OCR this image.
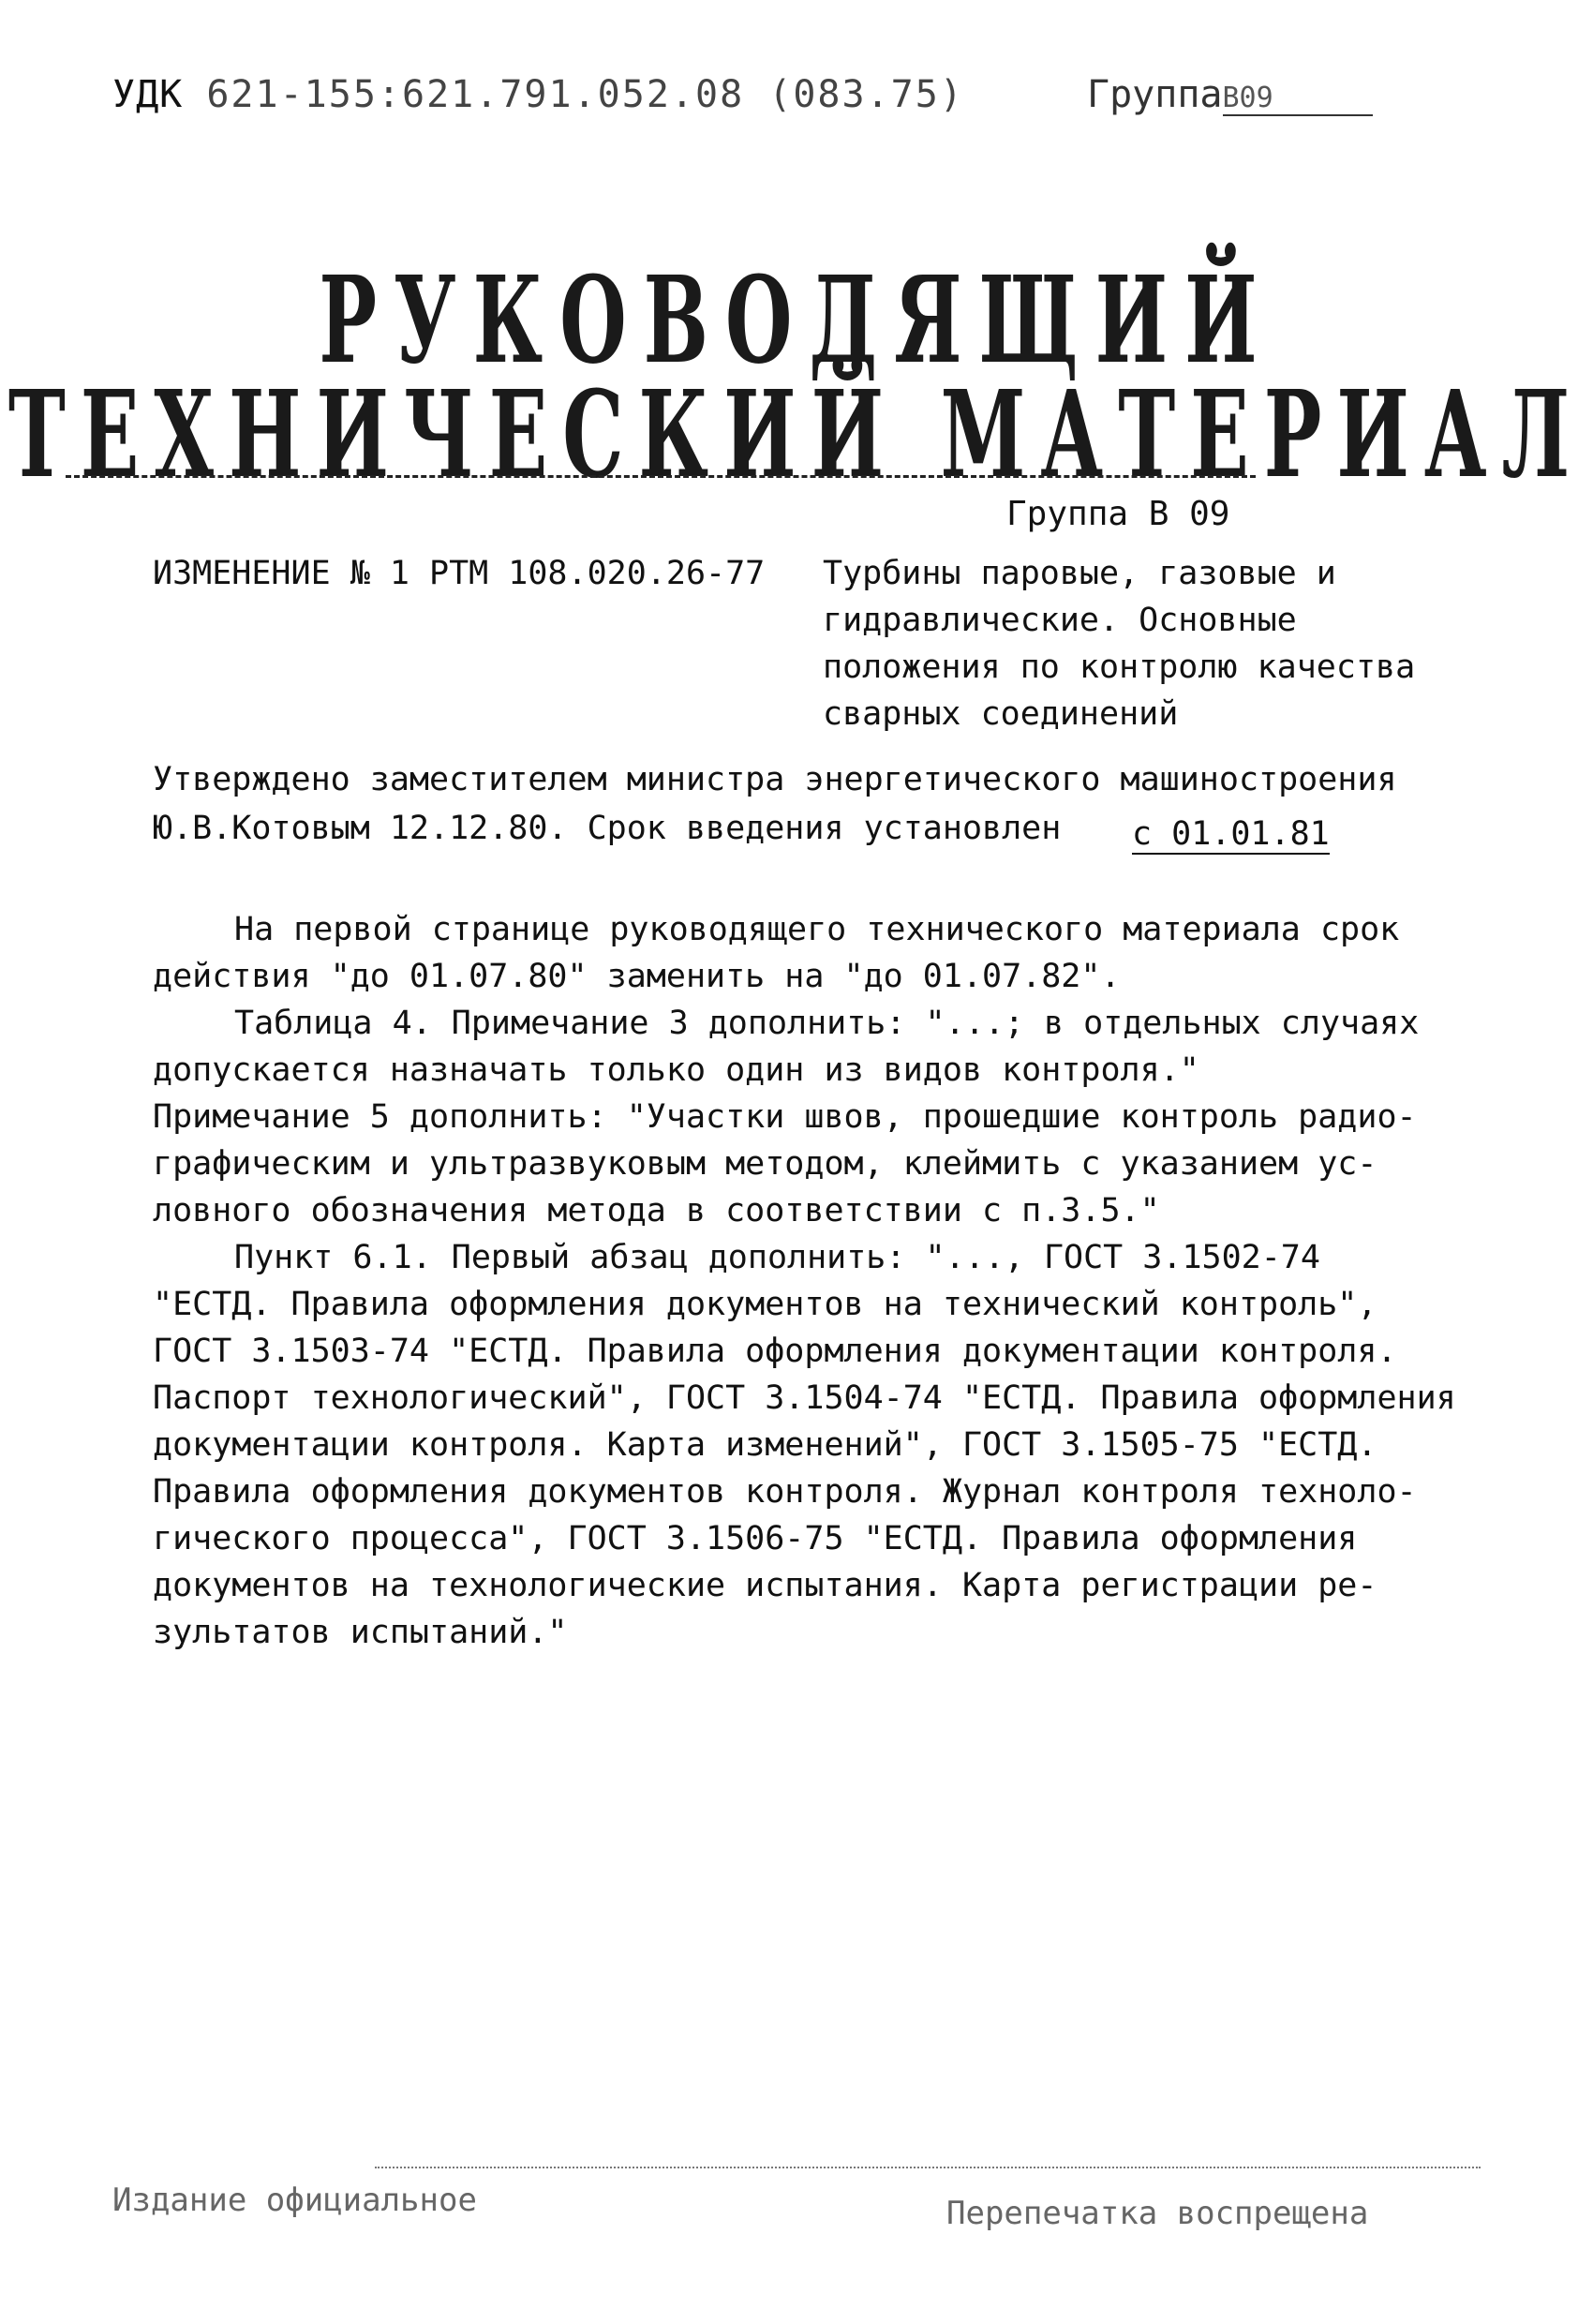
УДК 621-155:621.791.052.08 (083.75)	ГруппаВ09
РУКОВОДЯЩИЙ
ТЕХНИЧЕСКИЙ МАТЕРИАЛ
Группа В 09
ИЗМЕНЕНИЕ № 1 РТМ 108.020.26-77 Турбины паровые, газовые и
гидравлические. Основные
положения по контролю качества
сварных соединений
Утверждено заместителем министра энергетического машиностроения
Ю.В.Котовым 12.12.80. Срок введения установлен с 01.01.81
На первой странице руководящего технического материала срок
действия "до 01.07.80" заменить на "до 01.07.82".
Таблица 4. Примечание 3 дополнить: "...; в отдельных случаях
допускается назначать только один из видов контроля."
Примечание 5 дополнить: "Участки швов, прошедшие контроль радио-
графическим и ультразвуковым методом, клеймить с указанием ус-
ловного обозначения метода в соответствии с п.3.5."
Пункт 6.1. Первый абзац дополнить: "..., ГОСТ 3.1502-74
"ЕСТД. Правила оформления документов на технический контроль",
ГОСТ 3.1503-74 "ЕСТД. Правила оформления документации контроля.
Паспорт технологический", ГОСТ 3.1504-74 "ЕСТД. Правила оформления
документации контроля. Карта изменений", ГОСТ 3.1505-75 "ЕСТД.
Правила оформления документов контроля. Журнал контроля техноло-
гического процесса", ГОСТ 3.1506-75 "ЕСТД. Правила оформления
документов на технологические испытания. Карта регистрации ре-
зультатов испытаний."
Издание официальное	Перепечатка воспрещена
